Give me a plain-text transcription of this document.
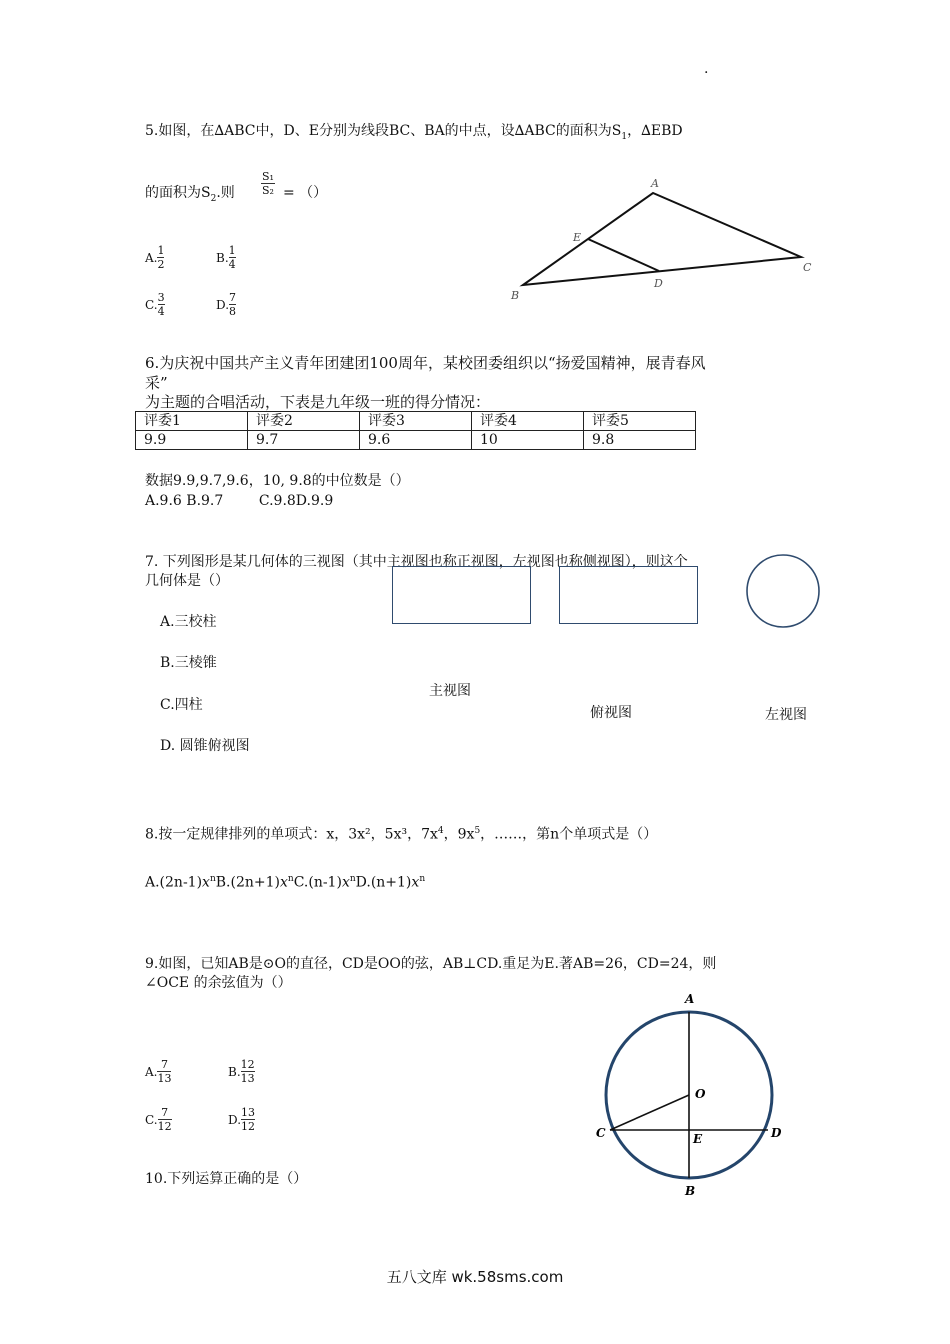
.
5.如图，在∆ABC中，D、E分别为线段BC、BA的中点，设∆ABC的面积为$S_1$，∆EBD
的面积为$S_2$.则 $\frac{\text{S₁}}{\text{S₂}}$ = （）
A. $\frac{1}{2}$	B. $\frac{1}{4}$
C. $\frac{3}{4}$	D. $\frac{7}{8}$
A
E
C
D
B
6.为庆祝中国共产主义青年团建团100周年，某校团委组织以“扬爱国精神，展青春风
采”
为主题的合唱活动，下表是九年级一班的得分情况：
评委1	评委2	评委3	评委4	评委5
9.9	9.7	9.6	10	9.8
数据9.9,9.7,9.6，10, 9.8的中位数是（）
A.9.6 B.9.7        C.9.8D.9.9
7. 下列图形是某几何体的三视图（其中主视图也称正视图，左视图也称侧视图），则这个
几何体是（）
A.三校柱
B.三棱锥
C.四柱
D. 圆锥俯视图
主视图
俯视图	左视图
8.按一定规律排列的单项式：x，3x²，5x³，$7x^4$，$9x^5$，……，第n个单项式是（）
$A.(2n-1)x^nB.(2n+1)x^nC.(n-1)x^nD.(n+1)x^n$
9.如图，已知AB是⊙O的直径，CD是OO的弦，AB⊥CD.重足为E.著AB=26，CD=24，则
∠OCE 的余弦值为（）
A. $\frac{7}{13}$	B. $\frac{12}{13}$
C. $\frac{7}{12}$	D. $\frac{13}{12}$
A
O
C	E	D
B
10.下列运算正确的是（）
五八文库 wk.58sms.com
